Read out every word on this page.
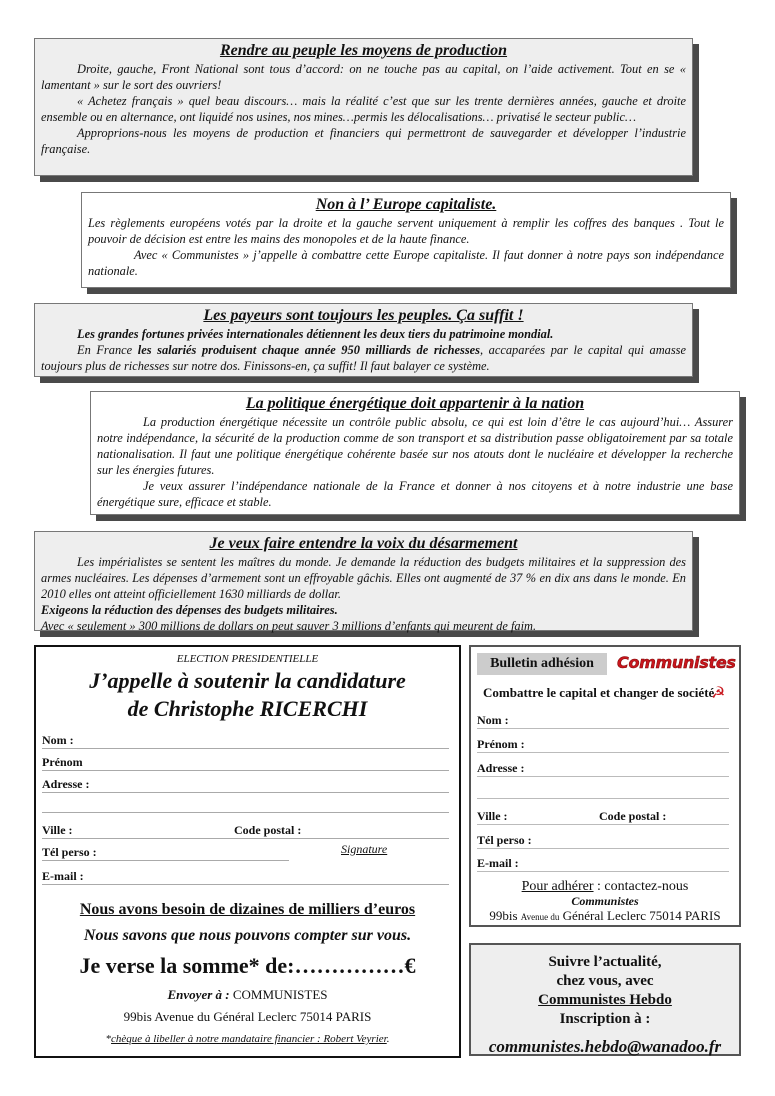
Rendre au peuple les moyens de production

Droite, gauche, Front National sont tous d’accord: on ne touche pas au capital, on l’aide activement. Tout en se « lamentant » sur le sort des ouvriers!

« Achetez français » quel beau discours… mais la réalité c’est que sur les trente dernières années, gauche et droite ensemble ou en alternance, ont liquidé nos usines, nos mines…permis les délocalisations… privatisé le secteur public…

Approprions-nous les moyens de production et financiers qui permettront de sauvegarder et développer l’industrie française.

Non à l’ Europe capitaliste.

Les règlements européens votés par la droite et la gauche servent uniquement à remplir les coffres des banques . Tout le pouvoir de décision est entre les mains des monopoles et de la haute finance.

Avec « Communistes » j’appelle à combattre cette Europe capitaliste. Il faut donner à notre pays son indépendance nationale.

Les payeurs sont toujours les peuples. Ça suffit !

Les grandes fortunes privées internationales détiennent les deux tiers du patrimoine mondial.

En France les salariés produisent chaque année 950 milliards de richesses, accaparées par le capital qui amasse toujours plus de richesses sur notre dos. Finissons-en, ça suffit! Il faut balayer ce système.

La politique énergétique doit appartenir à la nation

La production énergétique nécessite un contrôle public absolu, ce qui est loin d’être le cas aujourd’hui… Assurer notre indépendance, la sécurité de la production comme de son transport et sa distribution passe obligatoirement par sa totale nationalisation. Il faut une politique énergétique cohérente basée sur nos atouts dont le nucléaire et développer la recherche sur les énergies futures.

Je veux assurer l’indépendance nationale de la France et donner à nos citoyens et à notre industrie une base énergétique sure, efficace et stable.

Je veux faire entendre la voix du désarmement

Les impérialistes se sentent les maîtres du monde. Je demande la réduction des budgets militaires et la suppression des armes nucléaires. Les dépenses d’armement sont un effroyable gâchis. Elles ont augmenté de 37 % en dix ans dans le monde. En 2010 elles ont atteint officiellement 1630 milliards de dollar.

Exigeons la réduction des dépenses des budgets militaires.

Avec « seulement » 300 millions de dollars on peut sauver 3 millions d’enfants qui meurent de faim.

ELECTION PRESIDENTIELLE
J’appelle à soutenir la candidature
de Christophe RICERCHI
Nom :
Prénom
Adresse :
Ville :	Code postal :
Tél perso :	Signature
E-mail :
Nous avons besoin de dizaines de milliers d’euros
Nous savons que nous pouvons compter sur vous.
Je verse la somme* de:……………€
Envoyer à : COMMUNISTES
99bis Avenue du Général Leclerc 75014 PARIS
*chèque à libeller à notre mandataire financier : Robert Veyrier.
Bulletin adhésion	Communistes
Combattre le capital et changer de société
☭
Nom :
Prénom :
Adresse :
Ville :	Code postal :
Tél perso :
E-mail :
Pour adhérer : contactez-nous
Communistes
99bis Avenue du Général Leclerc 75014 PARIS
Suivre l’actualité,
chez vous, avec
Communistes Hebdo
Inscription à :
communistes.hebdo@wanadoo.fr
